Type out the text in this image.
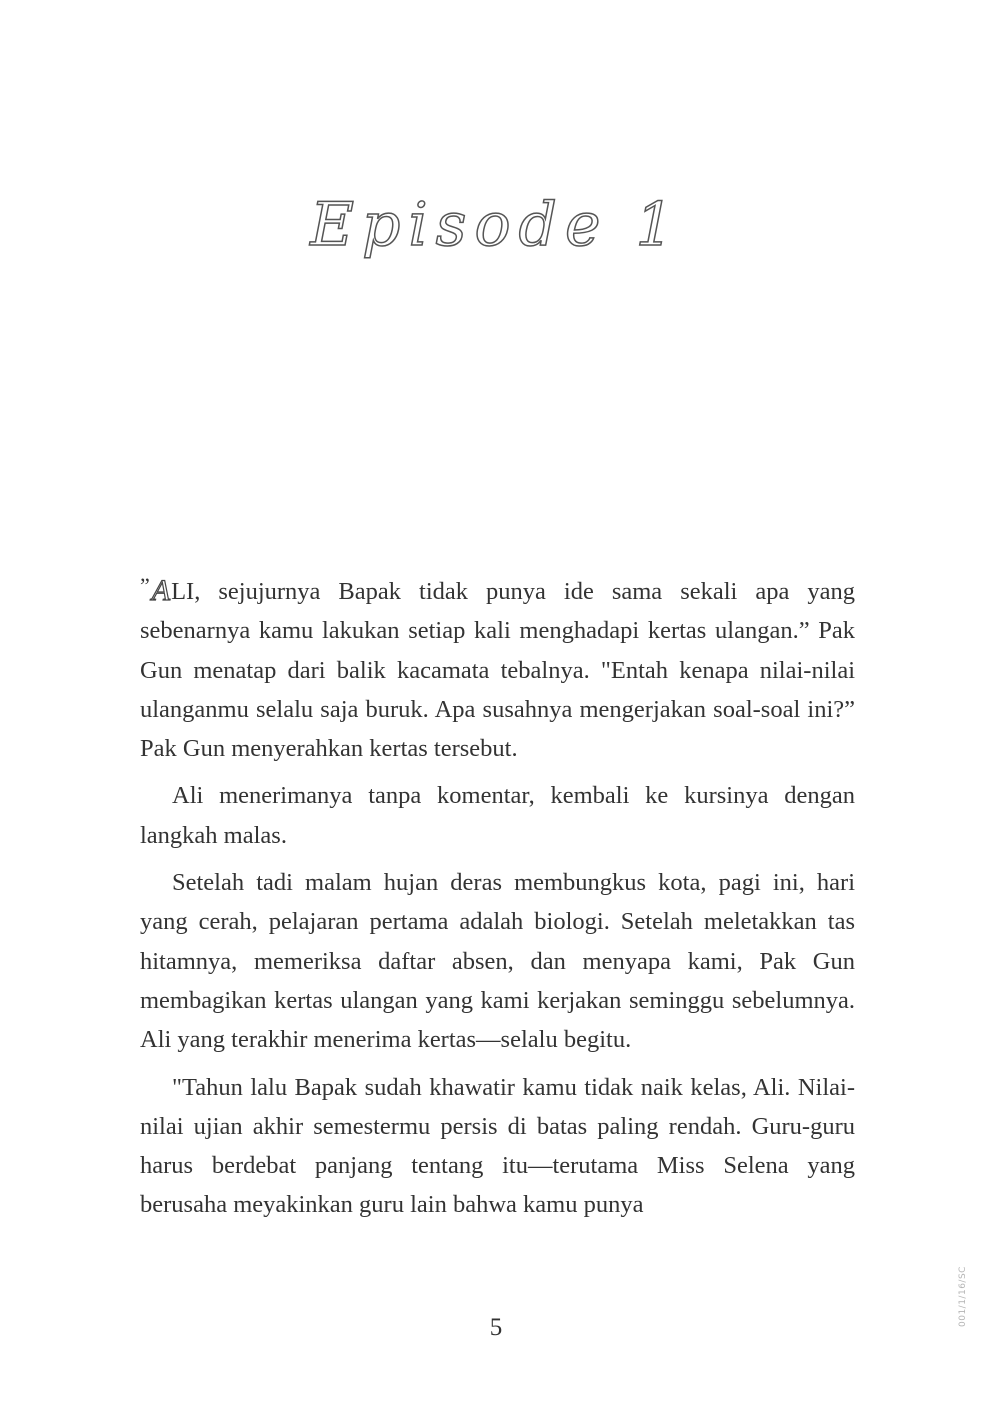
Episode 1

”ALI, sejujurnya Bapak tidak punya ide sama sekali apa yang sebenarnya kamu lakukan setiap kali menghadapi kertas ulangan.” Pak Gun menatap dari balik kacamata tebalnya. "Entah kenapa nilai-nilai ulanganmu selalu saja buruk. Apa susahnya mengerjakan soal-soal ini?” Pak Gun menyerahkan kertas tersebut.

Ali menerimanya tanpa komentar, kembali ke kursinya dengan langkah malas.

Setelah tadi malam hujan deras membungkus kota, pagi ini, hari yang cerah, pelajaran pertama adalah biologi. Setelah meletakkan tas hitamnya, memeriksa daftar absen, dan menyapa kami, Pak Gun membagikan kertas ulangan yang kami kerjakan seminggu sebelumnya. Ali yang terakhir menerima kertas—selalu begitu.

"Tahun lalu Bapak sudah khawatir kamu tidak naik kelas, Ali. Nilai-nilai ujian akhir semestermu persis di batas paling rendah. Guru-guru harus berdebat panjang tentang itu—terutama Miss Selena yang berusaha meyakinkan guru lain bahwa kamu punya

5
001/1/16/SC
